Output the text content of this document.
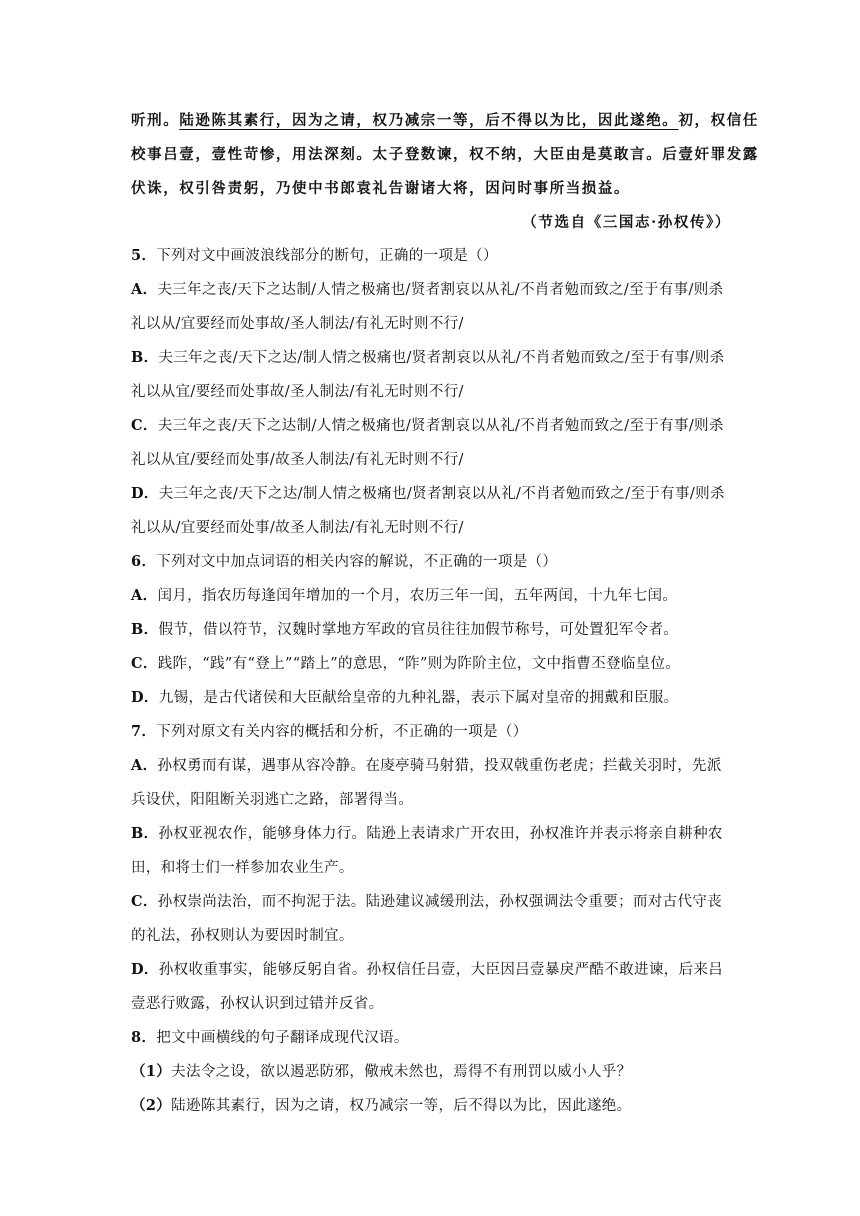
听刑。陆逊陈其素行，因为之请，权乃减宗一等，后不得以为比，因此遂绝。初，权信任
校事吕壹，壹性苛惨，用法深刻。太子登数谏，权不纳，大臣由是莫敢言。后壹奸罪发露
伏诛，权引咎责躬，乃使中书郎袁礼告谢诸大将，因问时事所当损益。
（节选自《三国志·孙权传》）
5．下列对文中画波浪线部分的断句，正确的一项是（）
A．夫三年之丧/天下之达制/人情之极痛也/贤者割哀以从礼/不肖者勉而致之/至于有事/则杀
礼以从/宜要经而处事故/圣人制法/有礼无时则不行/
B．夫三年之丧/天下之达/制人情之极痛也/贤者割哀以从礼/不肖者勉而致之/至于有事/则杀
礼以从宜/要经而处事故/圣人制法/有礼无时则不行/
C．夫三年之丧/天下之达制/人情之极痛也/贤者割哀以从礼/不肖者勉而致之/至于有事/则杀
礼以从宜/要经而处事/故圣人制法/有礼无时则不行/
D．夫三年之丧/天下之达/制人情之极痛也/贤者割哀以从礼/不肖者勉而致之/至于有事/则杀
礼以从/宜要经而处事/故圣人制法/有礼无时则不行/
6．下列对文中加点词语的相关内容的解说，不正确的一项是（）
A．闰月，指农历每逢闰年增加的一个月，农历三年一闰，五年两闰，十九年七闰。
B．假节，借以符节，汉魏时掌地方军政的官员往往加假节称号，可处置犯军令者。
C．践阼，“践”有“登上”“踏上”的意思，“阼”则为阼阶主位，文中指曹丕登临皇位。
D．九锡，是古代诸侯和大臣献给皇帝的九种礼器，表示下属对皇帝的拥戴和臣服。
7．下列对原文有关内容的概括和分析，不正确的一项是（）
A．孙权勇而有谋，遇事从容冷静。在庱亭骑马射猎，投双戟重伤老虎；拦截关羽时，先派
兵设伏，阳阻断关羽逃亡之路，部署得当。
B．孙权亚视农作，能够身体力行。陆逊上表请求广开农田，孙权准许并表示将亲自耕种农
田，和将士们一样参加农业生产。
C．孙权崇尚法治，而不拘泥于法。陆逊建议减缓刑法，孙权强调法令重要；而对古代守丧
的礼法，孙权则认为要因时制宜。
D．孙权收重事实，能够反躬自省。孙权信任吕壹，大臣因吕壹暴戾严酷不敢进谏，后来吕
壹恶行败露，孙权认识到过错并反省。
8．把文中画横线的句子翻译成现代汉语。
（1）夫法令之设，欲以遏恶防邪，儆戒未然也，焉得不有刑罚以威小人乎？
（2）陆逊陈其素行，因为之请，权乃减宗一等，后不得以为比，因此遂绝。
